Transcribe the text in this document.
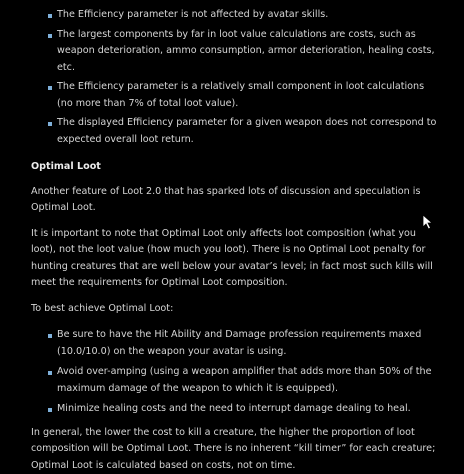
The Efficiency parameter is not affected by avatar skills.
The largest components by far in loot value calculations are costs, such as weapon deterioration, ammo consumption, armor deterioration, healing costs, etc.
The Efficiency parameter is a relatively small component in loot calculations (no more than 7% of total loot value).
The displayed Efficiency parameter for a given weapon does not correspond to expected overall loot return.
Optimal Loot

Another feature of Loot 2.0 that has sparked lots of discussion and speculation is Optimal Loot.

It is important to note that Optimal Loot only affects loot composition (what you loot), not the loot value (how much you loot). There is no Optimal Loot penalty for hunting creatures that are well below your avatar’s level; in fact most such kills will meet the requirements for Optimal Loot composition.

To best achieve Optimal Loot:

Be sure to have the Hit Ability and Damage profession requirements maxed (10.0/10.0) on the weapon your avatar is using.
Avoid over-amping (using a weapon amplifier that adds more than 50% of the maximum damage of the weapon to which it is equipped).
Minimize healing costs and the need to interrupt damage dealing to heal.

In general, the lower the cost to kill a creature, the higher the proportion of loot composition will be Optimal Loot. There is no inherent “kill timer” for each creature; Optimal Loot is calculated based on costs, not on time.
